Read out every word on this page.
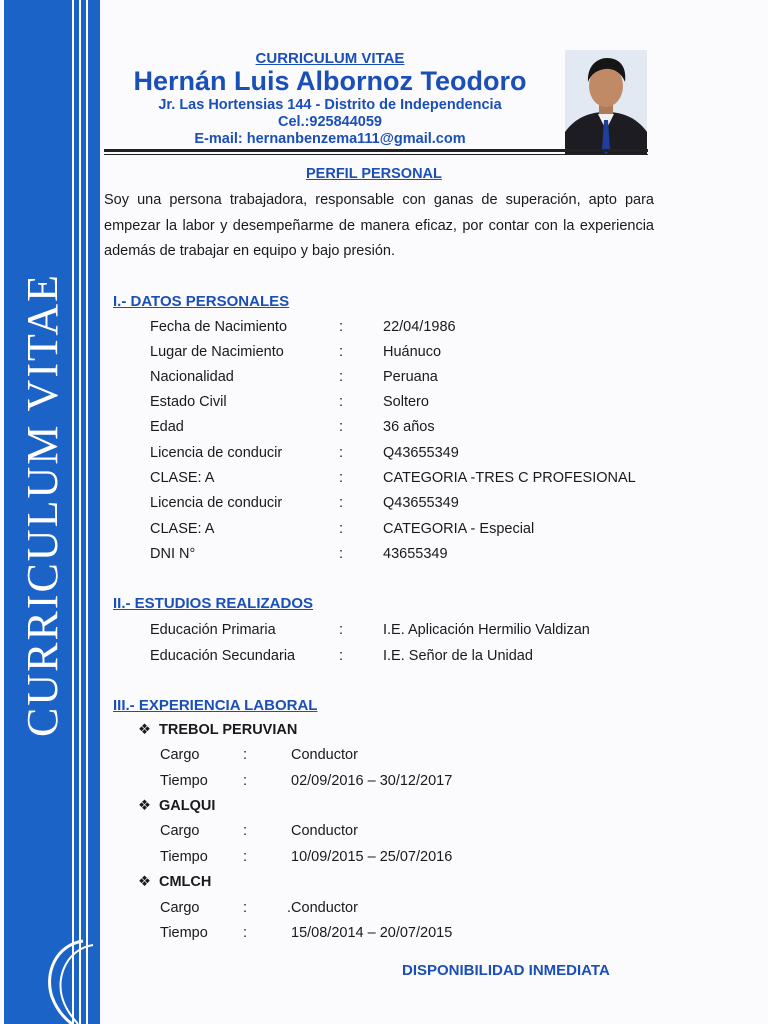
CURRICULUM VITAE
CURRICULUM VITAE
Hernán Luis Albornoz Teodoro
Jr. Las Hortensias 144 - Distrito de Independencia
Cel.:925844059
E-mail: hernanbenzema111@gmail.com
PERFIL PERSONAL
Soy una persona trabajadora, responsable con ganas de superación, apto para empezar la labor y desempeñarme de manera eficaz, por contar con la experiencia además de trabajar en equipo y bajo presión.
I.- DATOS PERSONALES
Fecha de Nacimiento	:	22/04/1986
Lugar de Nacimiento	:	Huánuco
Nacionalidad	:	Peruana
Estado Civil	:	Soltero
Edad	:	36 años
Licencia de conducir	:	Q43655349
CLASE: A	:	CATEGORIA -TRES C PROFESIONAL
Licencia de conducir	:	Q43655349
CLASE: A	:	CATEGORIA - Especial
DNI N°	:	43655349
II.- ESTUDIOS REALIZADOS
Educación Primaria	:	I.E. Aplicación Hermilio Valdizan
Educación Secundaria	:	I.E. Señor de la Unidad
III.- EXPERIENCIA LABORAL
❖ TREBOL PERUVIAN
Cargo	:	Conductor
Tiempo :	02/09/2016 – 30/12/2017
❖ GALQUI
Cargo	:	Conductor
Tiempo :	10/09/2015 – 25/07/2016
❖ CMLCH
Cargo	:	.Conductor
Tiempo :	15/08/2014 – 20/07/2015
DISPONIBILIDAD INMEDIATA
